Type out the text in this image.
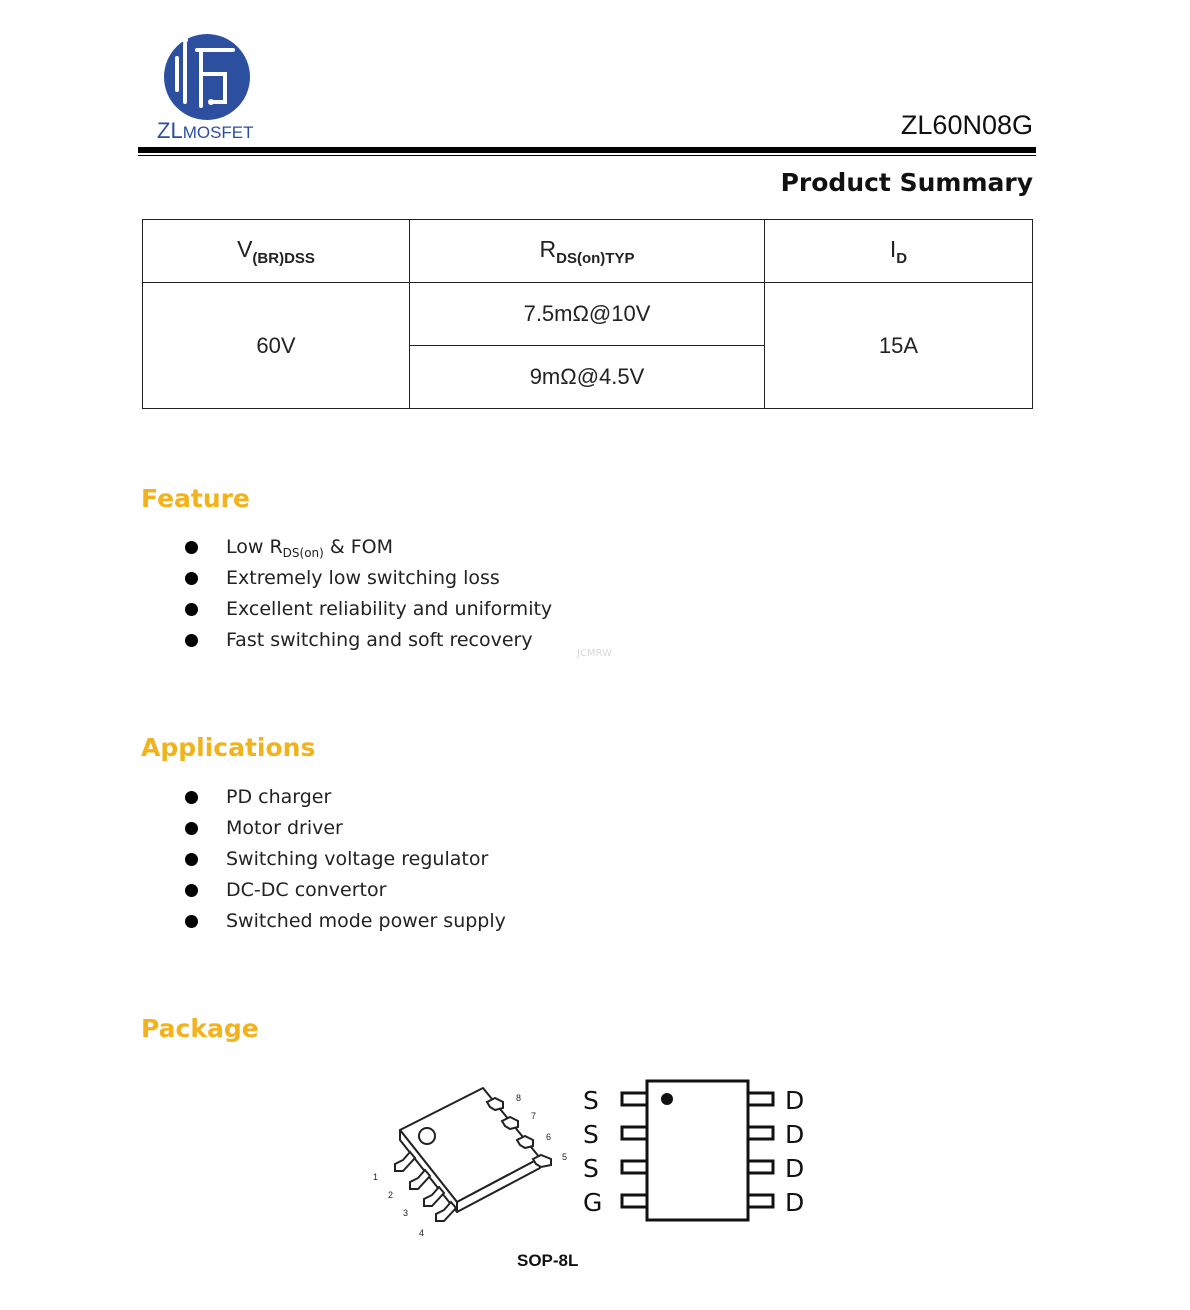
ZLMOSFET	ZL60N08G
Product Summary
$V_{(BR)DSS}$	$R_{DS(on)TYP}$	$I_D$
60V	7.5mΩ@10V	15A
	9mΩ@4.5V	
Feature
Low $R_{DS(on)}$ & FOM
Extremely low switching loss
Excellent reliability and uniformity
Fast switching and soft recovery
JCMRW
Applications
PD charger
Motor driver
Switching voltage regulator
DC-DC convertor
Switched mode power supply
Package
1
2
3
4
5
6
7
8 S
S
S
G
D
D
D
D
SOP-8L
